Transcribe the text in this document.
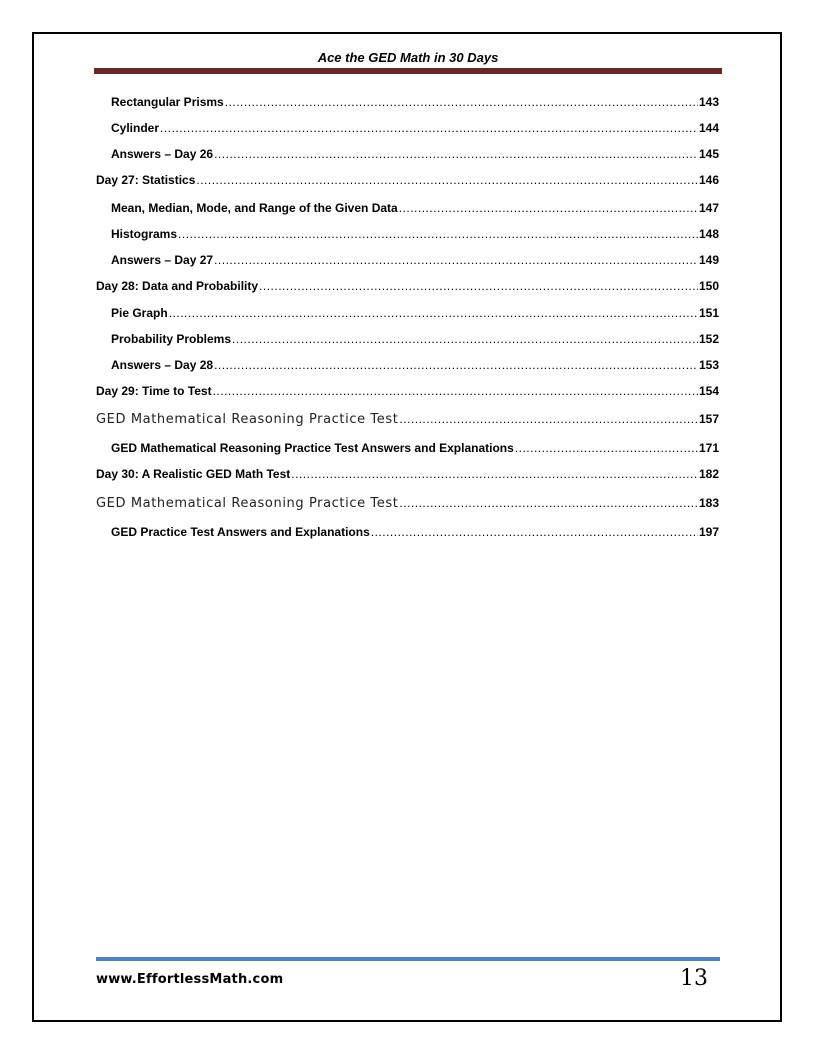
Ace the GED Math in 30 Days
Rectangular Prisms .....	143
Cylinder .....	144
Answers – Day 26 .....	145
Day 27: Statistics .....	146
Mean, Median, Mode, and Range of the Given Data .....	147
Histograms .....	148
Answers – Day 27 .....	149
Day 28: Data and Probability .....	150
Pie Graph .....	151
Probability Problems .....	152
Answers – Day 28 .....	153
Day 29: Time to Test .....	154
GED Mathematical Reasoning Practice Test .....	157
GED Mathematical Reasoning Practice Test Answers and Explanations .....	171
Day 30: A Realistic GED Math Test .....	182
GED Mathematical Reasoning Practice Test .....	183
GED Practice Test Answers and Explanations .....	197
www.EffortlessMath.com	13
